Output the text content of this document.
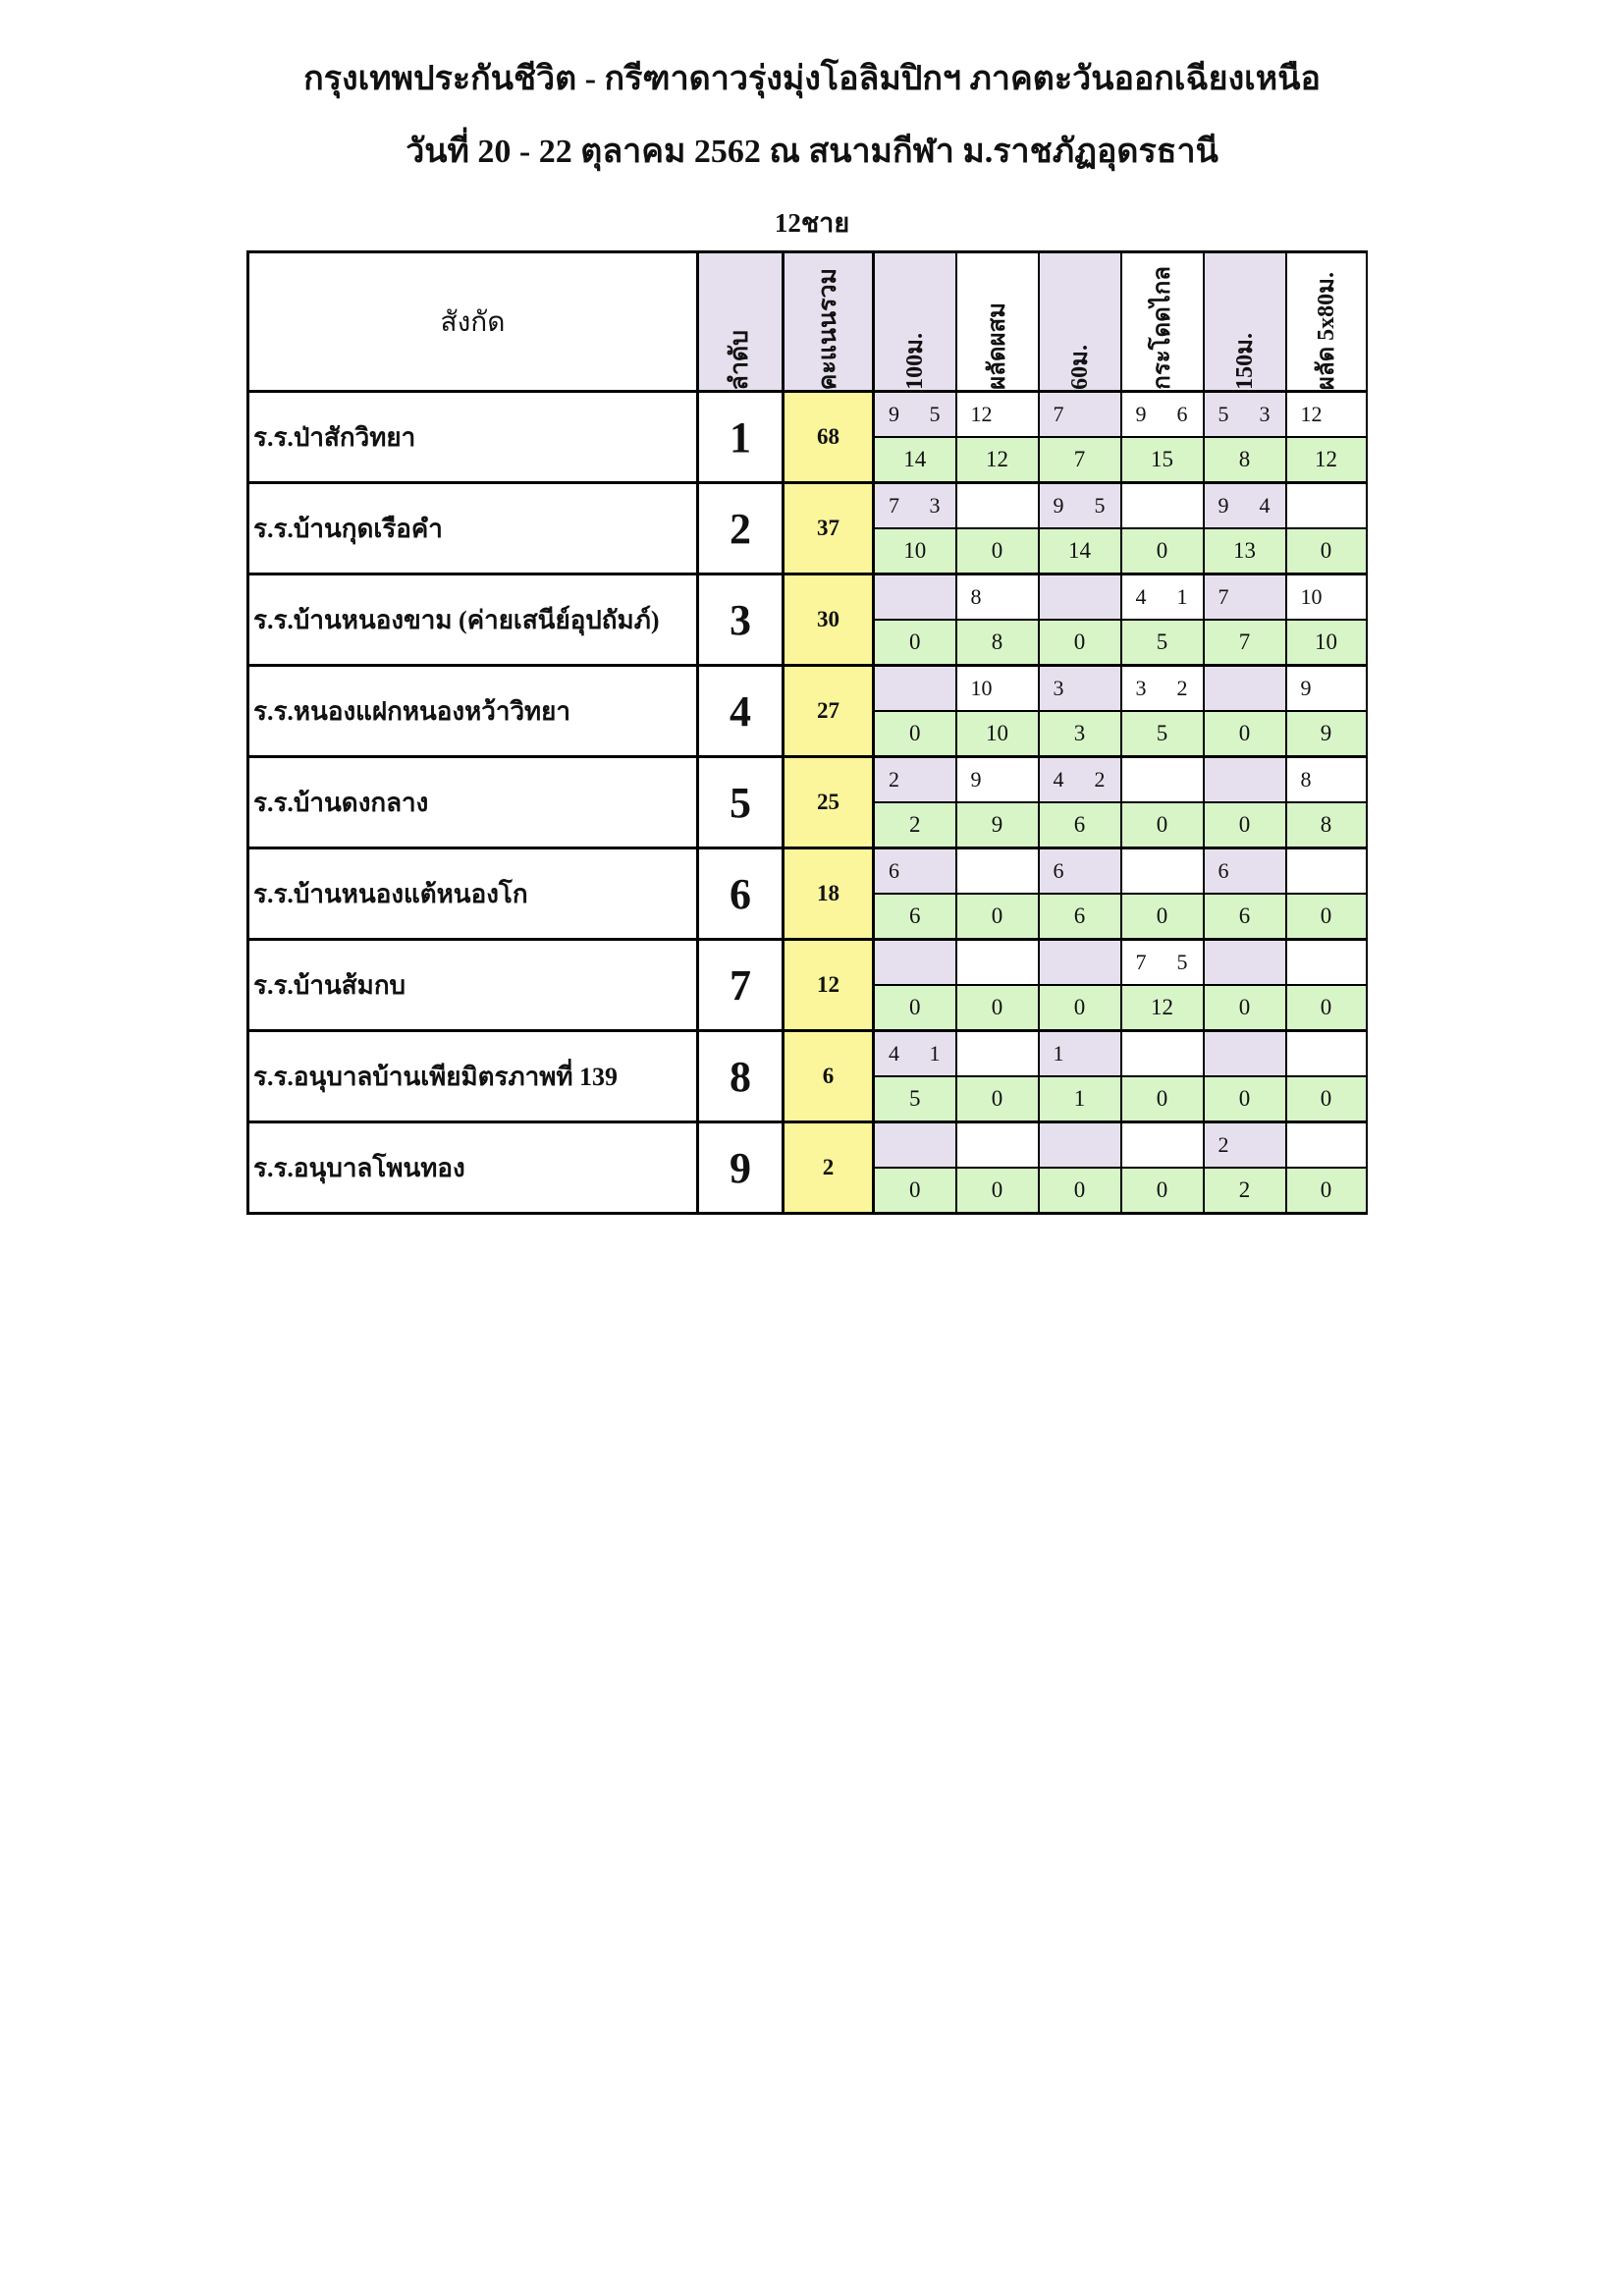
กรุงเทพประกันชีวิต - กรีฑาดาวรุ่งมุ่งโอลิมปิกฯ ภาคตะวันออกเฉียงเหนือ
วันที่ 20 - 22 ตุลาคม 2562 ณ สนามกีฬา ม.ราชภัฏอุดรธานี
12ชาย
สังกัด	ลำดับ	คะแนนรวม	100ม.	ผลัดผสม	60ม.	กระโดดไกล	150ม.	ผลัด 5x80ม.

ร.ร.ป่าสักวิทยา	1	68	9 5	12	7	9 6	5 3	12

			14	12	7	15	8	12
ร.ร.บ้านกุดเรือคำ	2	37	7 3		9 5		9 4	

			10	0	14	0	13	0
ร.ร.บ้านหนองขาม (ค่ายเสนีย์อุปถัมภ์)	3	30		8		4 1	7	10

			0	8	0	5	7	10
ร.ร.หนองแฝกหนองหว้าวิทยา	4	27		10	3	3 2		9

			0	10	3	5	0	9
ร.ร.บ้านดงกลาง	5	25	2	9	4 2			8

			2	9	6	0	0	8
ร.ร.บ้านหนองแต้หนองโก	6	18	6		6		6	

			6	0	6	0	6	0
ร.ร.บ้านส้มกบ	7	12				7 5		

			0	0	0	12	0	0
ร.ร.อนุบาลบ้านเพียมิตรภาพที่ 139	8	6	4 1		1			

			5	0	1	0	0	0
ร.ร.อนุบาลโพนทอง	9	2					2	

			0	0	0	0	2	0
